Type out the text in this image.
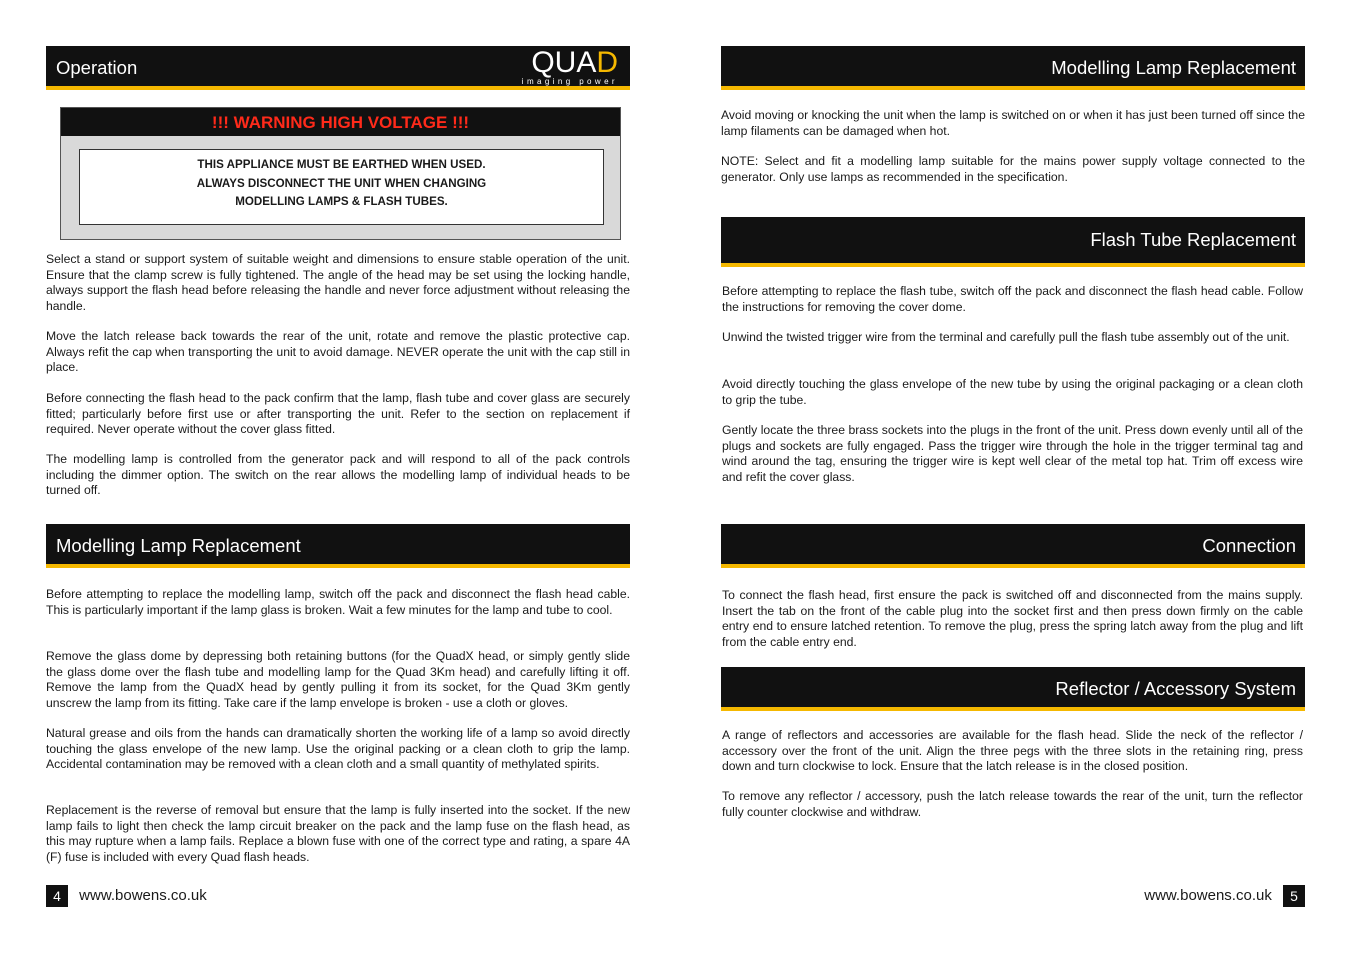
Operation	QUAD
imaging power
!!! WARNING HIGH VOLTAGE !!!
THIS APPLIANCE MUST BE EARTHED WHEN USED.
ALWAYS DISCONNECT THE UNIT WHEN CHANGING
MODELLING LAMPS & FLASH TUBES.

Select a stand or support system of suitable weight and dimensions to ensure stable operation of the unit. Ensure that the clamp screw is fully tightened. The angle of the head may be set using the locking handle, always support the flash head before releasing the handle and never force adjustment without releasing the handle.

Move the latch release back towards the rear of the unit, rotate and remove the plastic protective cap. Always refit the cap when transporting the unit to avoid damage. NEVER operate the unit with the cap still in place.

Before connecting the flash head to the pack confirm that the lamp, flash tube and cover glass are securely fitted; particularly before first use or after transporting the unit. Refer to the section on replacement if required. Never operate without the cover glass fitted.

The modelling lamp is controlled from the generator pack and will respond to all of the pack controls including the dimmer option. The switch on the rear allows the modelling lamp of individual heads to be turned off.

Modelling Lamp Replacement

Before attempting to replace the modelling lamp, switch off the pack and disconnect the flash head cable. This is particularly important if the lamp glass is broken. Wait a few minutes for the lamp and tube to cool.

Remove the glass dome by depressing both retaining buttons (for the QuadX head, or simply gently slide the glass dome over the flash tube and modelling lamp for the Quad 3Km head) and carefully lifting it off. Remove the lamp from the QuadX head by gently pulling it from its socket, for the Quad 3Km gently unscrew the lamp from its fitting. Take care if the lamp envelope is broken - use a cloth or gloves.

Natural grease and oils from the hands can dramatically shorten the working life of a lamp so avoid directly touching the glass envelope of the new lamp. Use the original packing or a clean cloth to grip the lamp. Accidental contamination may be removed with a clean cloth and a small quantity of methylated spirits.

Replacement is the reverse of removal but ensure that the lamp is fully inserted into the socket. If the new lamp fails to light then check the lamp circuit breaker on the pack and the lamp fuse on the flash head, as this may rupture when a lamp fails. Replace a blown fuse with one of the correct type and rating, a spare 4A (F) fuse is included with every Quad flash heads.

4 www.bowens.co.uk
Modelling Lamp Replacement

Avoid moving or knocking the unit when the lamp is switched on or when it has just been turned off since the lamp filaments can be damaged when hot.

NOTE: Select and fit a modelling lamp suitable for the mains power supply voltage connected to the generator. Only use lamps as recommended in the specification.

Flash Tube Replacement

Before attempting to replace the flash tube, switch off the pack and disconnect the flash head cable. Follow the instructions for removing the cover dome.

Unwind the twisted trigger wire from the terminal and carefully pull the flash tube assembly out of the unit.

Avoid directly touching the glass envelope of the new tube by using the original packaging or a clean cloth to grip the tube.

Gently locate the three brass sockets into the plugs in the front of the unit. Press down evenly until all of the plugs and sockets are fully engaged. Pass the trigger wire through the hole in the trigger terminal tag and wind around the tag, ensuring the trigger wire is kept well clear of the metal top hat. Trim off excess wire and refit the cover glass.

Connection

To connect the flash head, first ensure the pack is switched off and disconnected from the mains supply. Insert the tab on the front of the cable plug into the socket first and then press down firmly on the cable entry end to ensure latched retention. To remove the plug, press the spring latch away from the plug and lift from the cable entry end.

Reflector / Accessory System

A range of reflectors and accessories are available for the flash head. Slide the neck of the reflector / accessory over the front of the unit. Align the three pegs with the three slots in the retaining ring, press down and turn clockwise to lock. Ensure that the latch release is in the closed position.

To remove any reflector / accessory, push the latch release towards the rear of the unit, turn the reflector fully counter clockwise and withdraw.

www.bowens.co.uk 5
